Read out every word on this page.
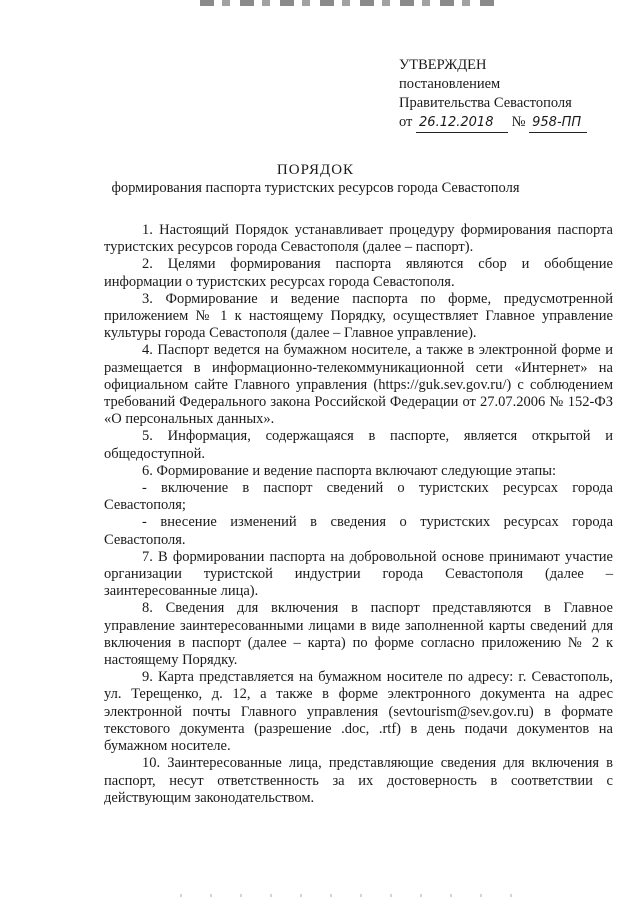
УТВЕРЖДЕН
постановлением
Правительства Севастополя
от 26.12.2018 № 958-ПП
ПОРЯДОК
формирования паспорта туристских ресурсов города Севастополя

1. Настоящий Порядок устанавливает процедуру формирования паспорта туристских ресурсов города Севастополя (далее – паспорт).

2. Целями формирования паспорта являются сбор и обобщение информации о туристских ресурсах города Севастополя.

3. Формирование и ведение паспорта по форме, предусмотренной приложением № 1 к настоящему Порядку, осуществляет Главное управление культуры города Севастополя (далее – Главное управление).

4. Паспорт ведется на бумажном носителе, а также в электронной форме и размещается в информационно-телекоммуникационной сети «Интернет» на официальном сайте Главного управления (https://guk.sev.gov.ru/) с соблюдением требований Федерального закона Российской Федерации от 27.07.2006 № 152-ФЗ «О персональных данных».

5. Информация, содержащаяся в паспорте, является открытой и общедоступной.

6. Формирование и ведение паспорта включают следующие этапы:

- включение в паспорт сведений о туристских ресурсах города Севастополя;

- внесение изменений в сведения о туристских ресурсах города Севастополя.

7. В формировании паспорта на добровольной основе принимают участие организации туристской индустрии города Севастополя (далее – заинтересованные лица).

8. Сведения для включения в паспорт представляются в Главное управление заинтересованными лицами в виде заполненной карты сведений для включения в паспорт (далее – карта) по форме согласно приложению № 2 к настоящему Порядку.

9. Карта представляется на бумажном носителе по адресу: г. Севастополь, ул. Терещенко, д. 12, а также в форме электронного документа на адрес электронной почты Главного управления (sevtourism@sev.gov.ru) в формате текстового документа (разрешение .doc, .rtf) в день подачи документов на бумажном носителе.

10. Заинтересованные лица, представляющие сведения для включения в паспорт, несут ответственность за их достоверность в соответствии с действующим законодательством.
